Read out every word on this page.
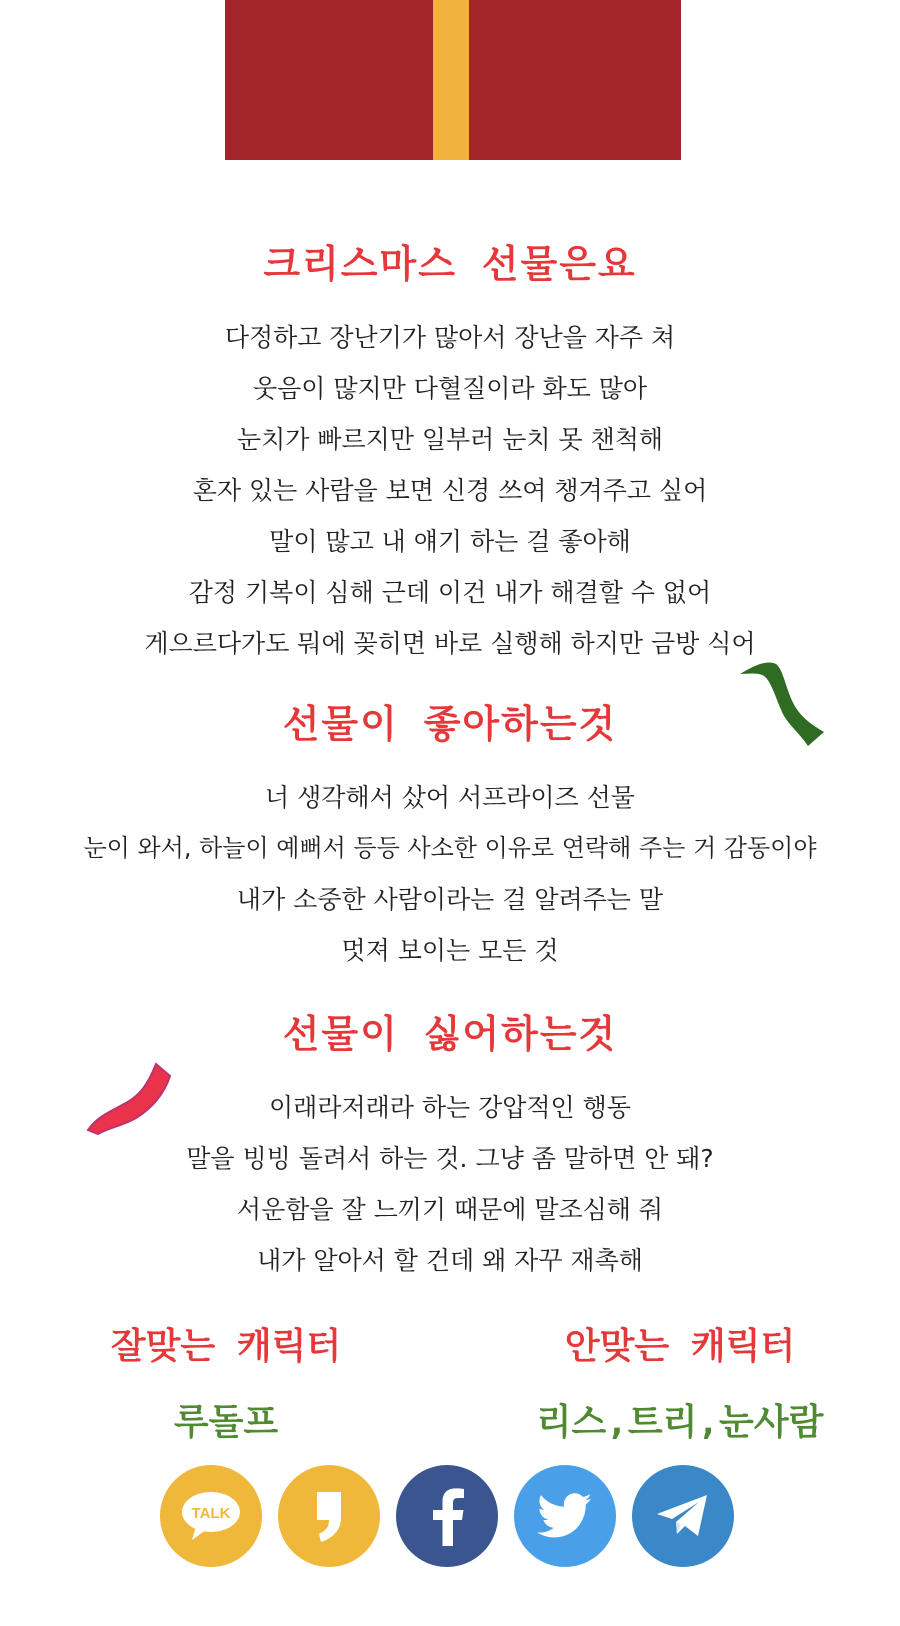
크리스마스 선물은요
다정하고 장난기가 많아서 장난을 자주 쳐
웃음이 많지만 다혈질이라 화도 많아
눈치가 빠르지만 일부러 눈치 못 챈척해
혼자 있는 사람을 보면 신경 쓰여 챙겨주고 싶어
말이 많고 내 얘기 하는 걸 좋아해
감정 기복이 심해 근데 이건 내가 해결할 수 없어
게으르다가도 뭐에 꽂히면 바로 실행해 하지만 금방 식어
선물이 좋아하는것
너 생각해서 샀어 서프라이즈 선물
눈이 와서, 하늘이 예뻐서 등등 사소한 이유로 연락해 주는 거 감동이야
내가 소중한 사람이라는 걸 알려주는 말
멋져 보이는 모든 것
선물이 싫어하는것
이래라저래라 하는 강압적인 행동
말을 빙빙 돌려서 하는 것. 그냥 좀 말하면 안 돼?
서운함을 잘 느끼기 때문에 말조심해 줘
내가 알아서 할 건데 왜 자꾸 재촉해
잘맞는 캐릭터	안맞는 캐릭터
루돌프	리스,트리,눈사람
TALK
